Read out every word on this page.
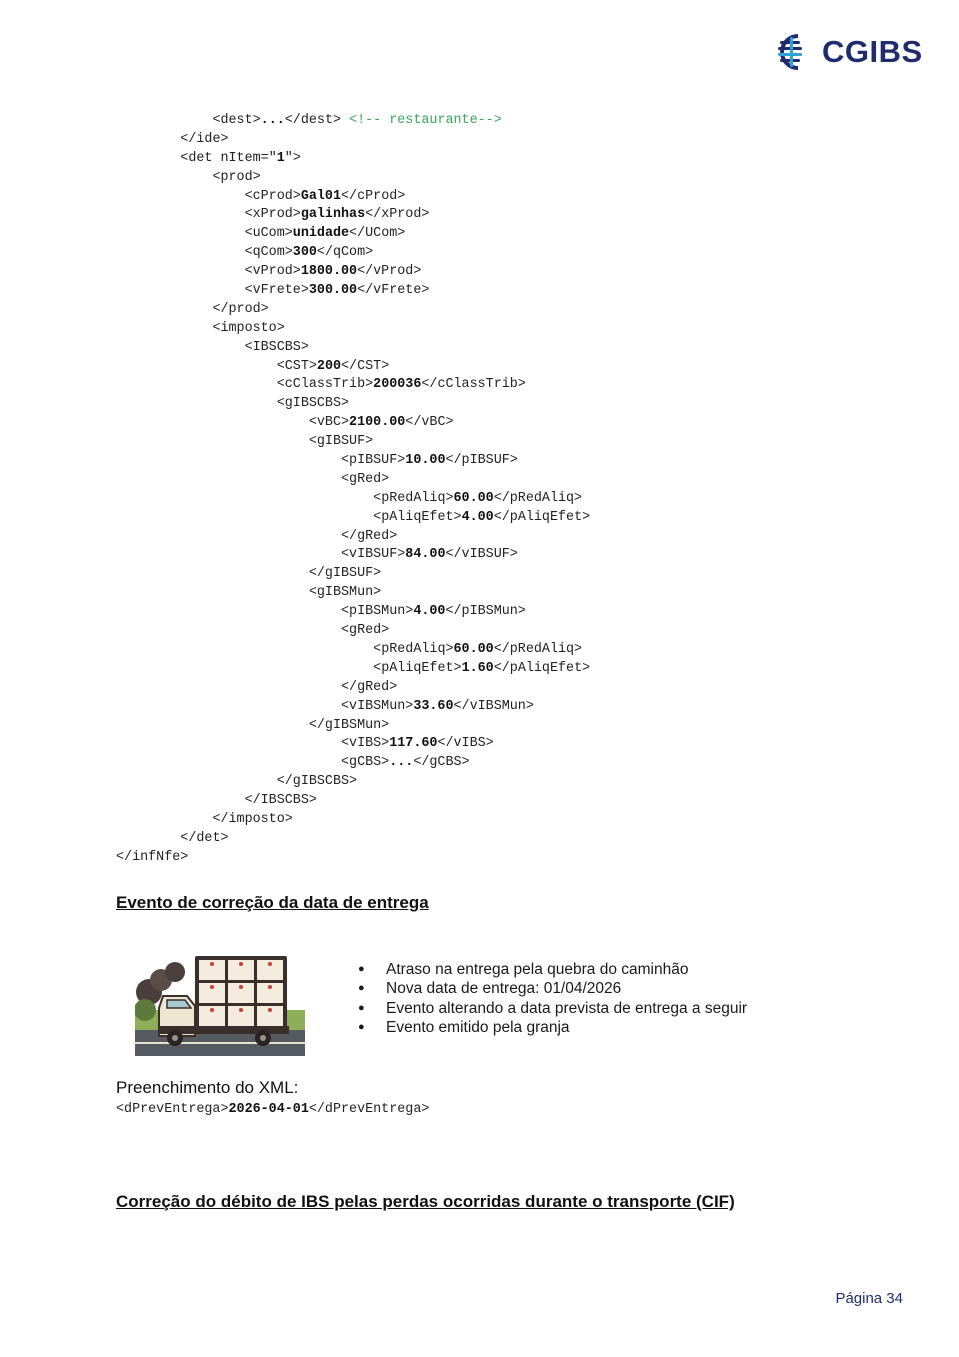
CGIBS
<dest>...</dest> <!-- restaurante-->
</ide>
<det nItem="1">
<prod>
<cProd>Gal01</cProd>
<xProd>galinhas</xProd>
<uCom>unidade</UCom>
<qCom>300</qCom>
<vProd>1800.00</vProd>
<vFrete>300.00</vFrete>
</prod>
<imposto>
<IBSCBS>
<CST>200</CST>
<cClassTrib>200036</cClassTrib>
<gIBSCBS>
<vBC>2100.00</vBC>
<gIBSUF>
<pIBSUF>10.00</pIBSUF>
<gRed>
<pRedAliq>60.00</pRedAliq>
<pAliqEfet>4.00</pAliqEfet>
</gRed>
<vIBSUF>84.00</vIBSUF>
</gIBSUF>
<gIBSMun>
<pIBSMun>4.00</pIBSMun>
<gRed>
<pRedAliq>60.00</pRedAliq>
<pAliqEfet>1.60</pAliqEfet>
</gRed>
<vIBSMun>33.60</vIBSMun>
</gIBSMun>
<vIBS>117.60</vIBS>
<gCBS>...</gCBS>
</gIBSCBS>
</IBSCBS>
</imposto>
</det>
</infNfe>
Evento de correção da data de entrega
● Atraso na entrega pela quebra do caminhão
● Nova data de entrega: 01/04/2026
● Evento alterando a data prevista de entrega a seguir
● Evento emitido pela granja
Preenchimento do XML:
<dPrevEntrega>2026-04-01</dPrevEntrega>
Correção do débito de IBS pelas perdas ocorridas durante o transporte (CIF)
Página 34
